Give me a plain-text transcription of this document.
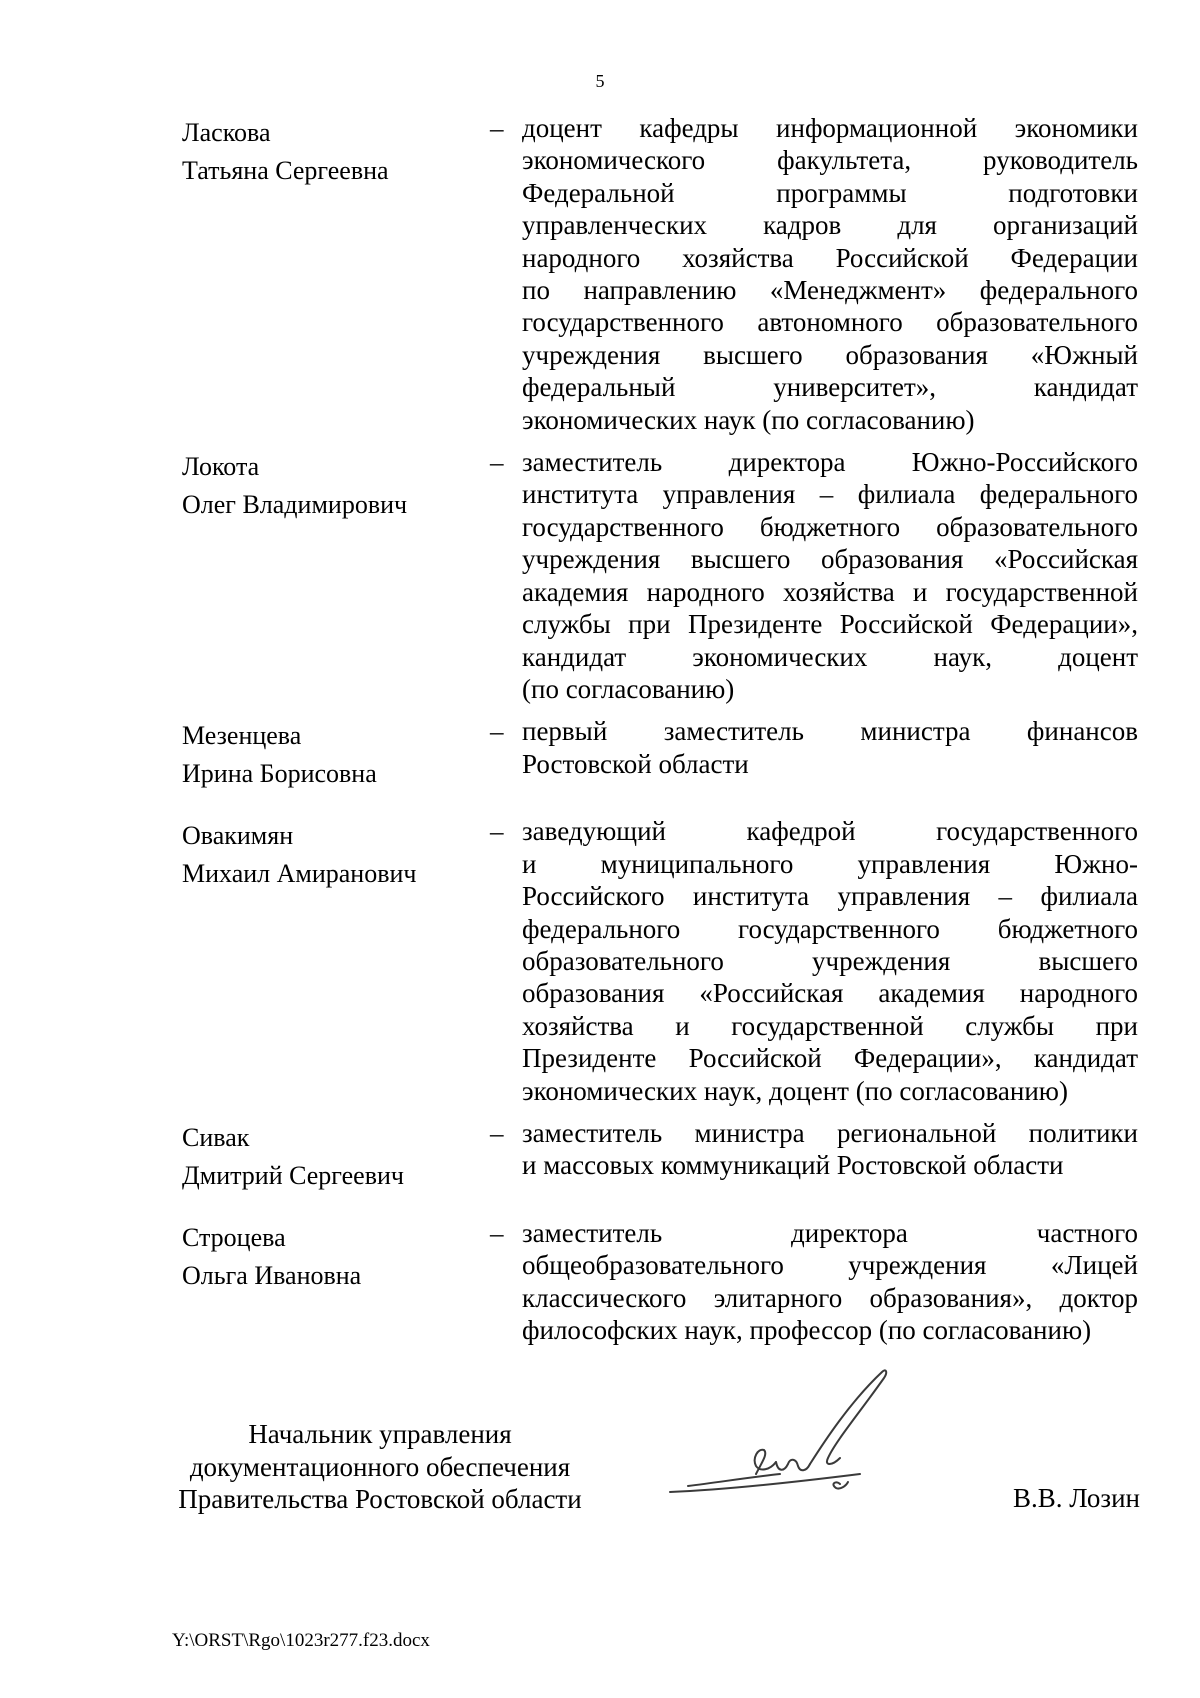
5
Ласкова
Татьяна Сергеевна
– доцент кафедры информационной экономики
экономического факультета, руководитель
Федеральной программы подготовки
управленческих кадров для организаций
народного хозяйства Российской Федерации
по направлению «Менеджмент» федерального
государственного автономного образовательного
учреждения высшего образования «Южный
федеральный университет», кандидат
экономических наук (по согласованию)
Локота
Олег Владимирович
– заместитель директора Южно-Российского
института управления – филиала федерального
государственного бюджетного образовательного
учреждения высшего образования «Российская
академия народного хозяйства и государственной
службы при Президенте Российской Федерации»,
кандидат экономических наук, доцент
(по согласованию)
Мезенцева
Ирина Борисовна
– первый заместитель министра финансов
Ростовской области
Овакимян
Михаил Амиранович
– заведующий кафедрой государственного
и муниципального управления Южно-
Российского института управления – филиала
федерального государственного бюджетного
образовательного учреждения высшего
образования «Российская академия народного
хозяйства и государственной службы при
Президенте Российской Федерации», кандидат
экономических наук, доцент (по согласованию)
Сивак
Дмитрий Сергеевич
– заместитель министра региональной политики
и массовых коммуникаций Ростовской области
Строцева
Ольга Ивановна
– заместитель директора частного
общеобразовательного учреждения «Лицей
классического элитарного образования», доктор
философских наук, профессор (по согласованию)
Начальник управления
документационного обеспечения
Правительства Ростовской области	В.В. Лозин
Y:\ORST\Rgo\1023r277.f23.docx
